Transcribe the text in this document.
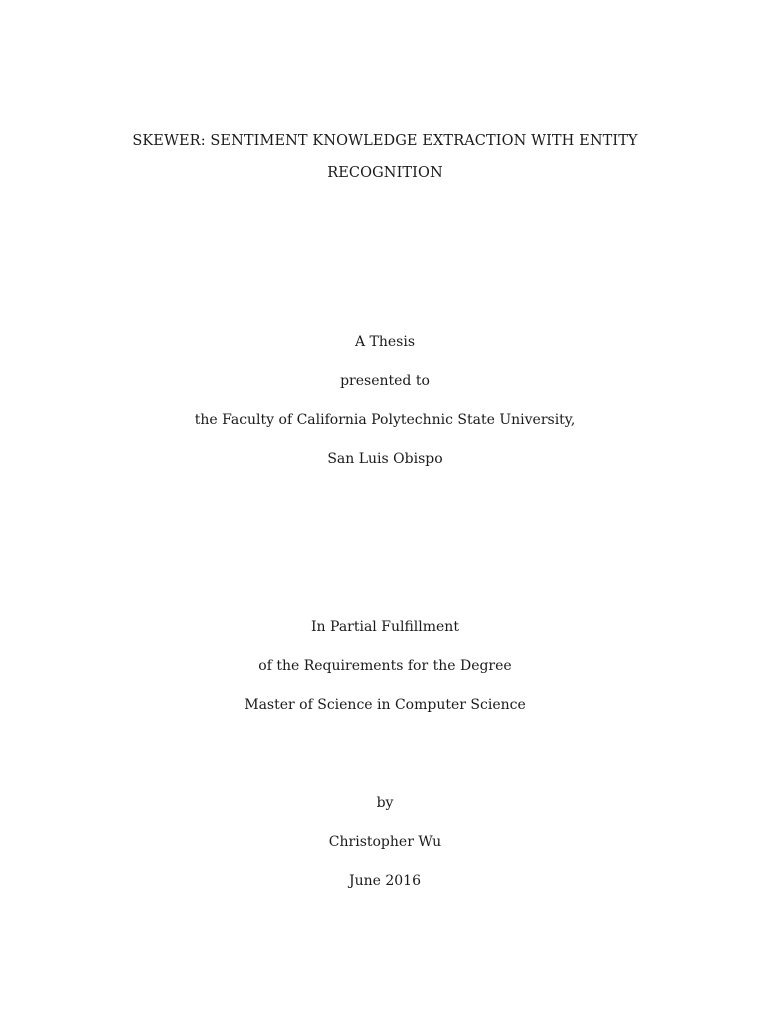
SKEWER: SENTIMENT KNOWLEDGE EXTRACTION WITH ENTITY
RECOGNITION
A Thesis
presented to
the Faculty of California Polytechnic State University,
San Luis Obispo
In Partial Fulfillment
of the Requirements for the Degree
Master of Science in Computer Science
by
Christopher Wu
June 2016
